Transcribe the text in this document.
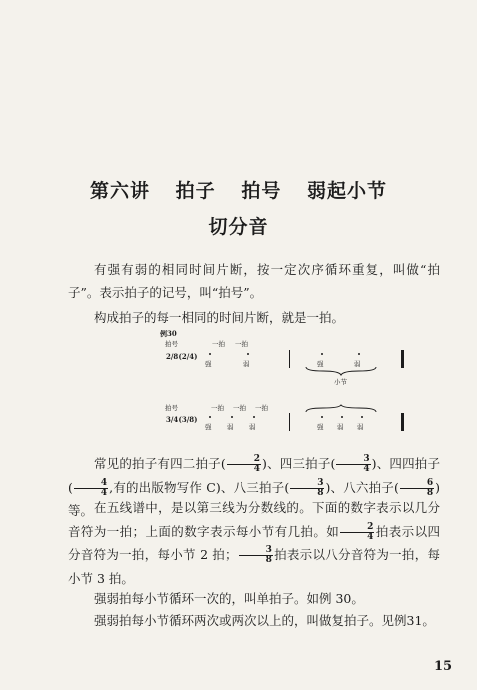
第六讲 拍子 拍号 弱起小节
切分音
有强有弱的相同时间片断，按一定次序循环重复，叫做“拍子”。表示拍子的记号，叫“拍号”。
构成拍子的每一相同的时间片断，就是一拍。
例30
拍号	一拍 一拍
2/8 (2/4)
强	弱	强	弱
小节
拍号	一拍 一拍 一拍
3/4 (3/8)
强 弱 弱	强 弱 弱
常见的拍子有四二拍子( $\frac{2}{4}$ )、四三拍子( $\frac{3}{4}$ )、四四拍子( $\frac{4}{4}$ ,有的出版物写作 C)、八三拍子( $\frac{3}{8}$ )、八六拍子( $\frac{6}{8}$ )等。 在五线谱中，是以第三线为分数线的。下面的数字表示以几分音符为一拍；上面的数字表示每小节有几拍。如 $\frac{2}{4}$ 拍表示以四分音符为一拍，每小节 2 拍； $\frac{3}{8}$ 拍表示以八分音符为一拍，每小节 3 拍。
强弱拍每小节循环一次的，叫单拍子。如例 30。
强弱拍每小节循环两次或两次以上的，叫做复拍子。见例31。
15
